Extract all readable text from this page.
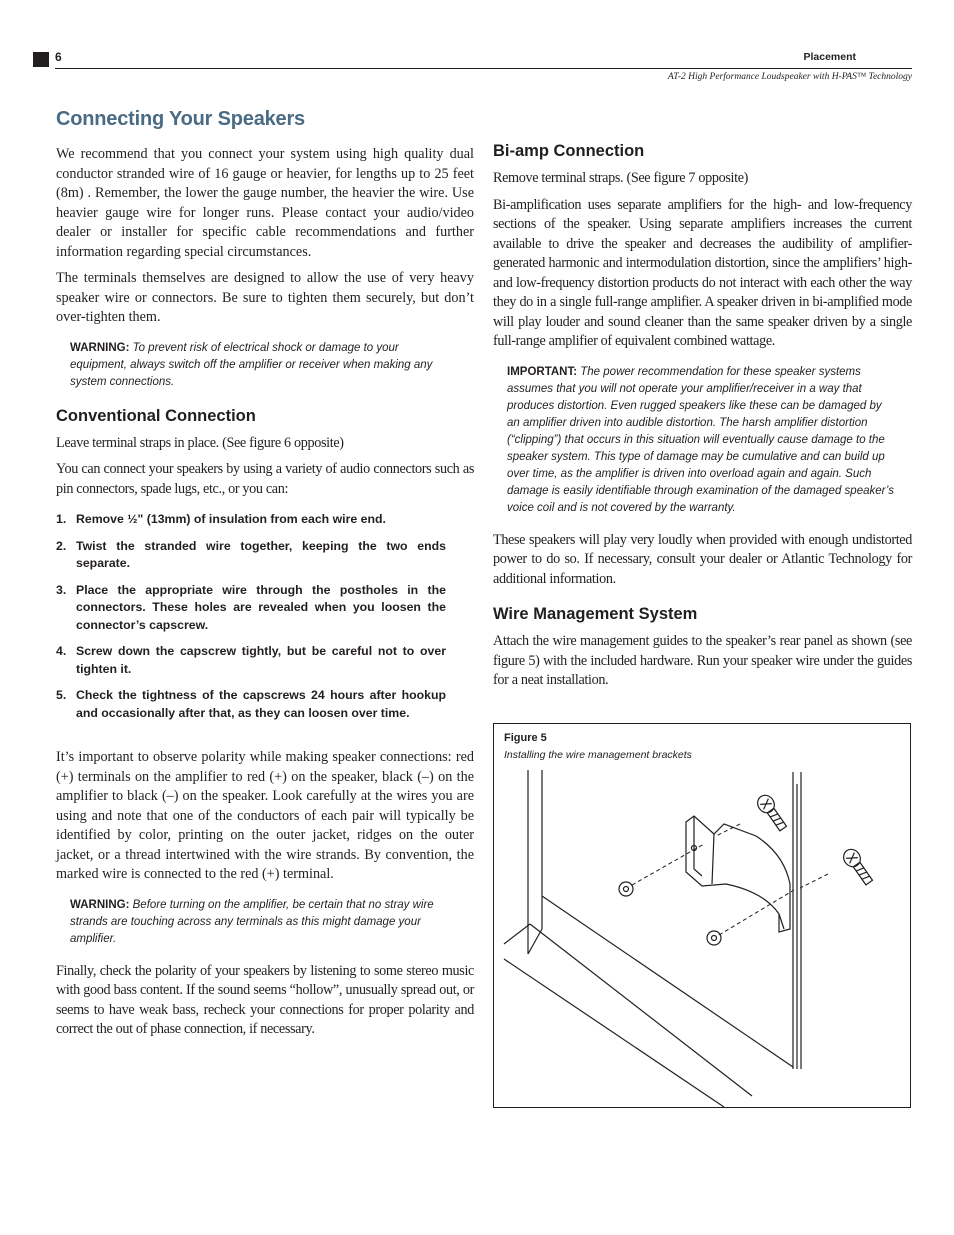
6	Placement
AT-2 High Performance Loudspeaker with H-PAS™ Technology
Connecting Your Speakers

We recommend that you connect your system using high quality dual conductor stranded wire of 16 gauge or heavier, for lengths up to 25 feet (8m) . Remember, the lower the gauge number, the heavier the wire. Use heavier gauge wire for longer runs. Please contact your audio/video dealer or installer for specific cable recommendations and further information regarding special circumstances.

The terminals themselves are designed to allow the use of very heavy speaker wire or connectors. Be sure to tighten them securely, but don’t over-tighten them.

WARNING: To prevent risk of electrical shock or damage to your equipment, always switch off the amplifier or receiver when making any system connections.
Conventional Connection

Leave terminal straps in place. (See figure 6 opposite)

You can connect your speakers by using a variety of audio connectors such as pin connectors, spade lugs, etc., or you can:

1. Remove ½" (13mm) of insulation from each wire end.
2. Twist the stranded wire together, keeping the two ends separate.
3. Place the appropriate wire through the postholes in the connectors. These holes are revealed when you loosen the connector’s capscrew.
4. Screw down the capscrew tightly, but be careful not to over tighten it.
5. Check the tightness of the capscrews 24 hours after hookup and occasionally after that, as they can loosen over time.

It’s important to observe polarity while making speaker connections: red (+) terminals on the amplifier to red (+) on the speaker, black (–) on the amplifier to black (–) on the speaker. Look carefully at the wires you are using and note that one of the conductors of each pair will typically be identified by color, printing on the outer jacket, ridges on the outer jacket, or a thread intertwined with the wire strands. By convention, the marked wire is connected to the red (+) terminal.

WARNING: Before turning on the amplifier, be certain that no stray wire strands are touching across any terminals as this might damage your amplifier.

Finally, check the polarity of your speakers by listening to some stereo music with good bass content. If the sound seems “hollow”, unusually spread out, or seems to have weak bass, recheck your connections for proper polarity and correct the out of phase connection, if necessary.

Bi-amp Connection

Remove terminal straps. (See figure 7 opposite)

Bi-amplification uses separate amplifiers for the high- and low-frequency sections of the speaker. Using separate amplifiers increases the current available to drive the speaker and decreases the audibility of amplifier-generated harmonic and intermodulation distortion, since the amplifiers’ high- and low-frequency distortion products do not interact with each other the way they do in a single full-range amplifier. A speaker driven in bi-amplified mode will play louder and sound cleaner than the same speaker driven by a single full-range amplifier of equivalent combined wattage.

IMPORTANT: The power recommendation for these speaker systems assumes that you will not operate your amplifier/receiver in a way that produces distortion. Even rugged speakers like these can be damaged by an amplifier driven into audible distortion. The harsh amplifier distortion (“clipping”) that occurs in this situation will eventually cause damage to the speaker system. This type of damage may be cumulative and can build up over time, as the amplifier is driven into overload again and again. Such damage is easily identifiable through examination of the damaged speaker’s voice coil and is not covered by the warranty.

These speakers will play very loudly when provided with enough undistorted power to do so. If necessary, consult your dealer or Atlantic Technology for additional information.

Wire Management System

Attach the wire management guides to the speaker’s rear panel as shown (see figure 5) with the included hardware. Run your speaker wire under the guides for a neat installation.

Figure 5
Installing the wire management brackets
